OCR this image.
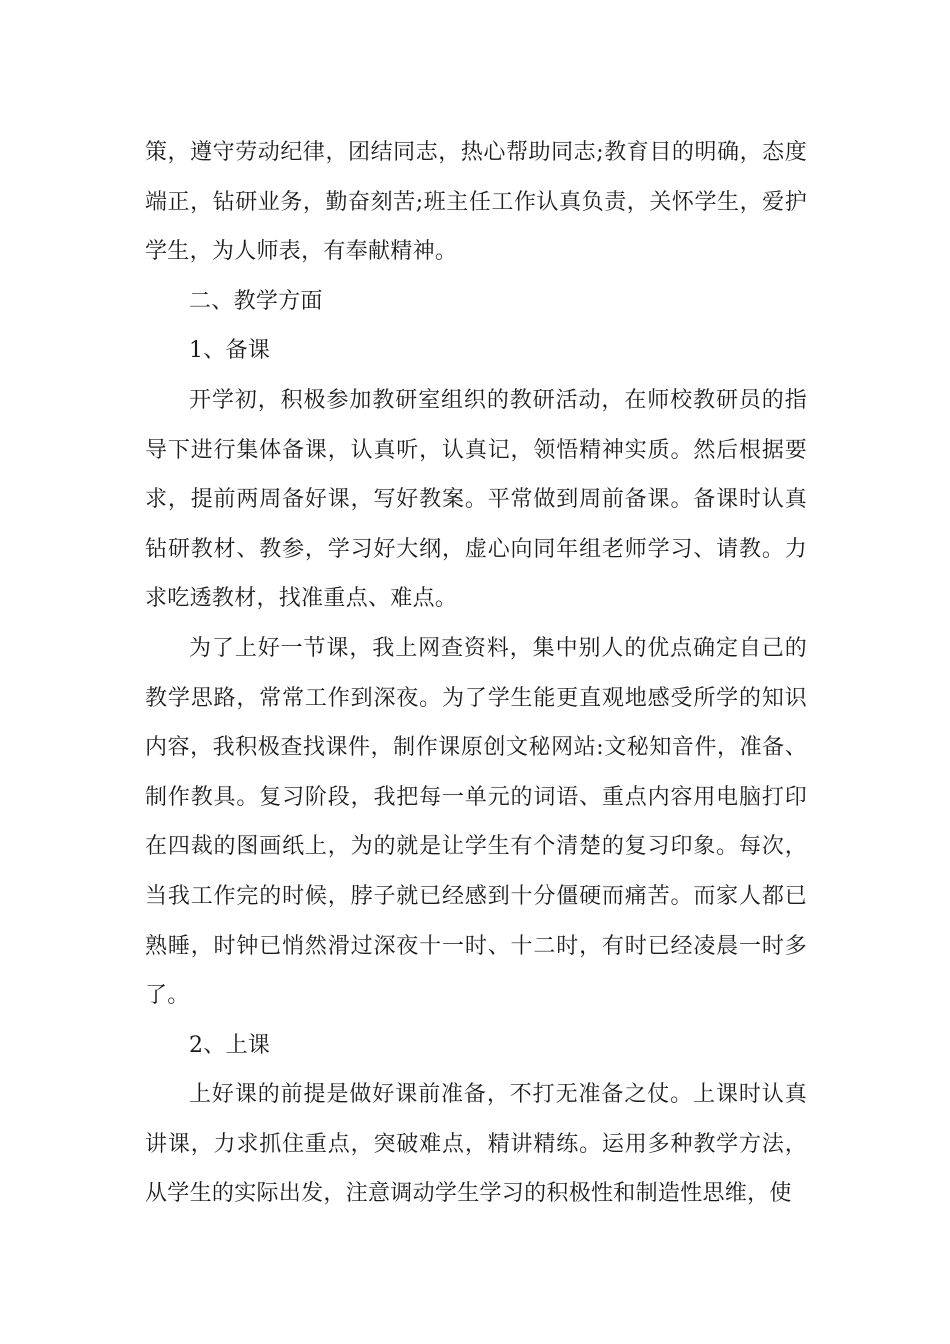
策，遵守劳动纪律，团结同志，热心帮助同志;教育目的明确，态度端正，钻研业务，勤奋刻苦;班主任工作认真负责，关怀学生，爱护学生，为人师表，有奉献精神。

二、教学方面

1、备课

开学初，积极参加教研室组织的教研活动，在师校教研员的指导下进行集体备课，认真听，认真记，领悟精神实质。然后根据要求，提前两周备好课，写好教案。平常做到周前备课。备课时认真钻研教材、教参，学习好大纲，虚心向同年组老师学习、请教。力求吃透教材，找准重点、难点。

为了上好一节课，我上网查资料，集中别人的优点确定自己的教学思路，常常工作到深夜。为了学生能更直观地感受所学的知识内容，我积极查找课件，制作课原创文秘网站:文秘知音件，准备、制作教具。复习阶段，我把每一单元的词语、重点内容用电脑打印在四裁的图画纸上，为的就是让学生有个清楚的复习印象。每次，当我工作完的时候，脖子就已经感到十分僵硬而痛苦。而家人都已熟睡，时钟已悄然滑过深夜十一时、十二时，有时已经凌晨一时多了。

2、上课

上好课的前提是做好课前准备，不打无准备之仗。上课时认真讲课，力求抓住重点，突破难点，精讲精练。运用多种教学方法，从学生的实际出发，注意调动学生学习的积极性和制造性思维，使
